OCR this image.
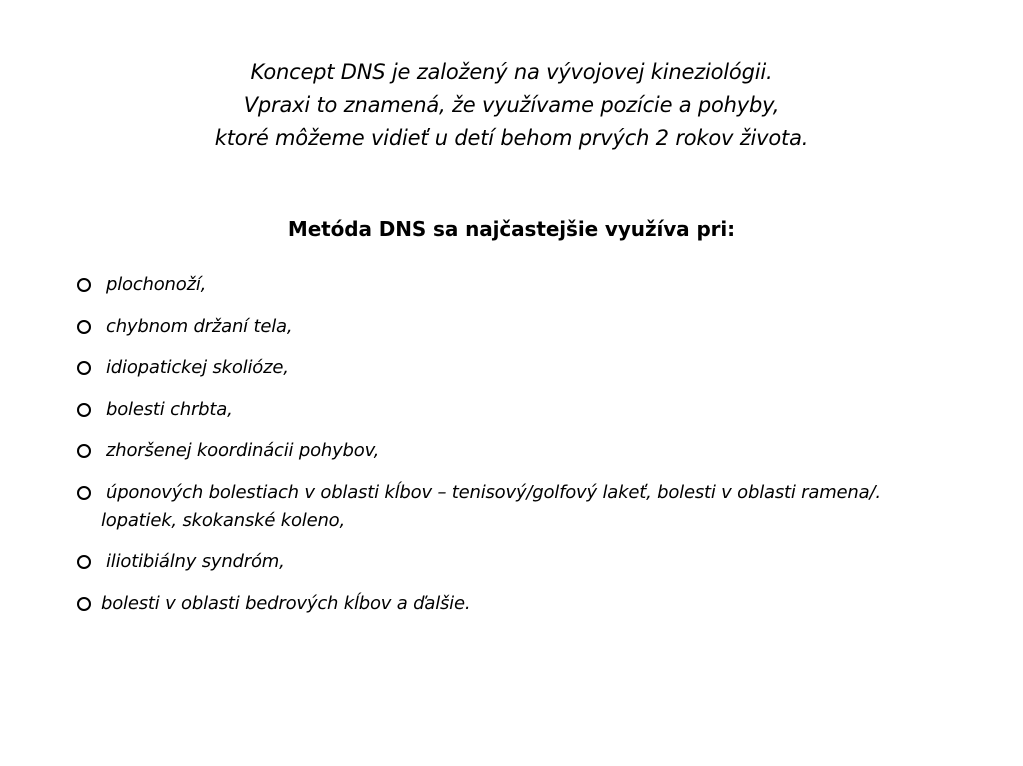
Koncept DNS je založený na vývojovej kineziológii.
Vpraxi to znamená, že využívame pozície a pohyby,
ktoré môžeme vidieť u detí behom prvých 2 rokov života.
Metóda DNS sa najčastejšie využíva pri:
plochonoží,
chybnom držaní tela,
idiopatickej skolióze,
bolesti chrbta,
zhoršenej koordinácii pohybov,
úponových bolestiach v oblasti kĺbov – tenisový/golfový lakeť, bolesti v oblasti ramena/. lopatiek, skokanské koleno,
iliotibiálny syndróm,
bolesti v oblasti bedrových kĺbov a ďalšie.
